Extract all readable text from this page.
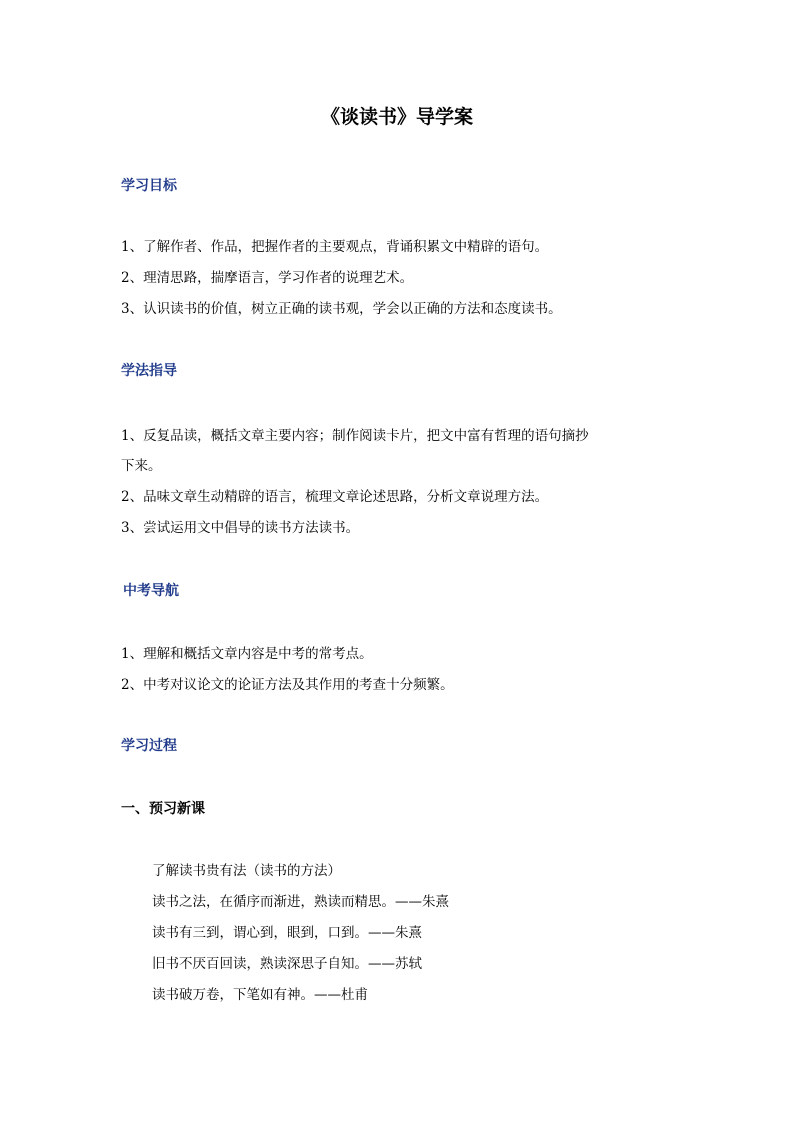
《谈读书》导学案
学习目标
1、了解作者、作品，把握作者的主要观点，背诵积累文中精辟的语句。
2、理清思路，揣摩语言，学习作者的说理艺术。
3、认识读书的价值，树立正确的读书观，学会以正确的方法和态度读书。
学法指导
1、反复品读，概括文章主要内容；制作阅读卡片，把文中富有哲理的语句摘抄
下来。
2、品味文章生动精辟的语言，梳理文章论述思路，分析文章说理方法。
3、尝试运用文中倡导的读书方法读书。
中考导航
1、理解和概括文章内容是中考的常考点。
2、中考对议论文的论证方法及其作用的考查十分频繁。
学习过程
一、预习新课
了解读书贵有法（读书的方法）
读书之法，在循序而渐进，熟读而精思。——朱熹
读书有三到，谓心到，眼到，口到。——朱熹
旧书不厌百回读，熟读深思子自知。——苏轼
读书破万卷，下笔如有神。——杜甫
